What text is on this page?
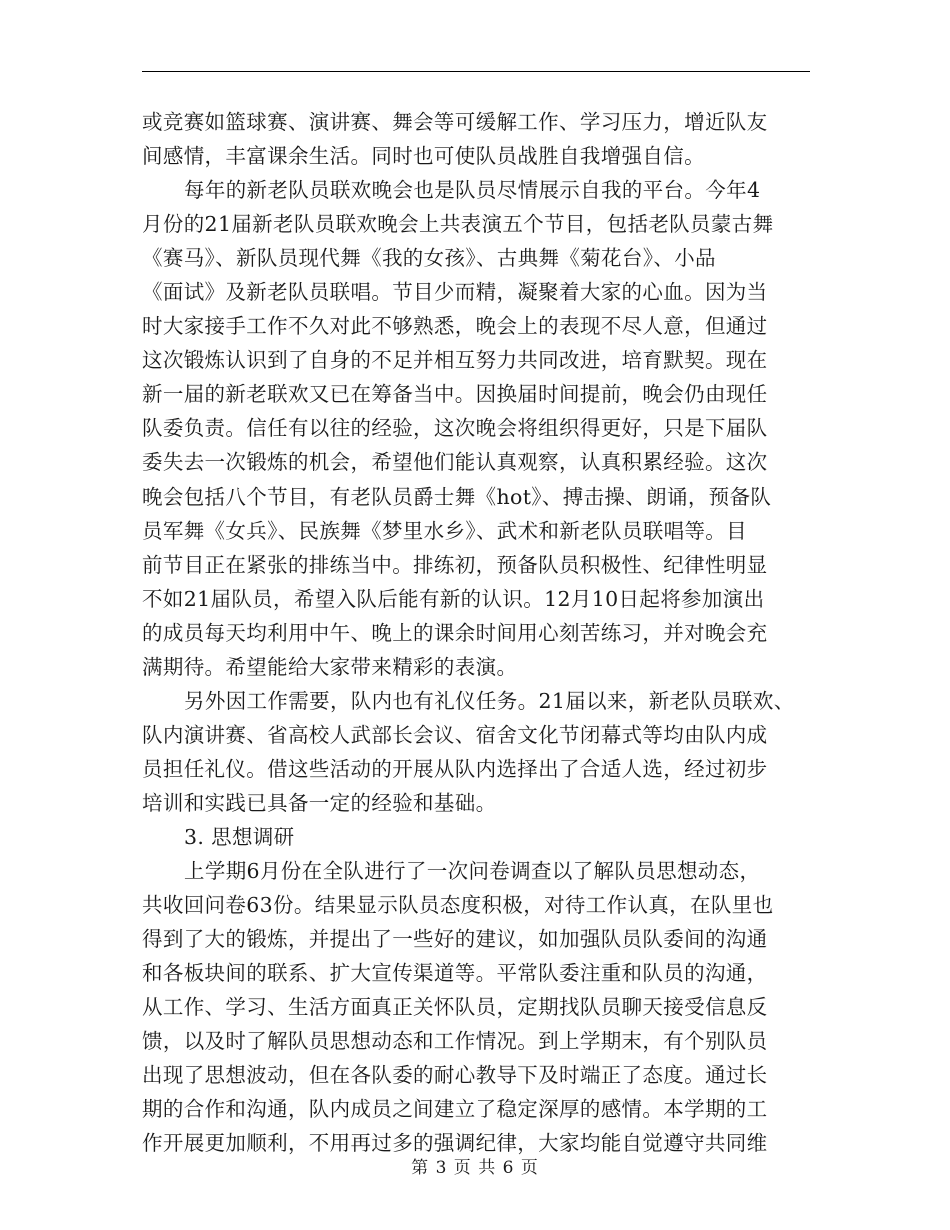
或竞赛如篮球赛、演讲赛、舞会等可缓解工作、学习压力，增近队友
间感情，丰富课余生活。同时也可使队员战胜自我增强自信。
每年的新老队员联欢晚会也是队员尽情展示自我的平台。今年4
月份的21届新老队员联欢晚会上共表演五个节目，包括老队员蒙古舞
《赛马》、新队员现代舞《我的女孩》、古典舞《菊花台》、小品
《面试》及新老队员联唱。节目少而精，凝聚着大家的心血。因为当
时大家接手工作不久对此不够熟悉，晚会上的表现不尽人意，但通过
这次锻炼认识到了自身的不足并相互努力共同改进，培育默契。现在
新一届的新老联欢又已在筹备当中。因换届时间提前，晚会仍由现任
队委负责。信任有以往的经验，这次晚会将组织得更好，只是下届队
委失去一次锻炼的机会，希望他们能认真观察，认真积累经验。这次
晚会包括八个节目，有老队员爵士舞《hot》、搏击操、朗诵，预备队
员军舞《女兵》、民族舞《梦里水乡》、武术和新老队员联唱等。目
前节目正在紧张的排练当中。排练初，预备队员积极性、纪律性明显
不如21届队员，希望入队后能有新的认识。12月10日起将参加演出
的成员每天均利用中午、晚上的课余时间用心刻苦练习，并对晚会充
满期待。希望能给大家带来精彩的表演。
另外因工作需要，队内也有礼仪任务。21届以来，新老队员联欢、
队内演讲赛、省高校人武部长会议、宿舍文化节闭幕式等均由队内成
员担任礼仪。借这些活动的开展从队内选择出了合适人选，经过初步
培训和实践已具备一定的经验和基础。
3. 思想调研
上学期6月份在全队进行了一次问卷调查以了解队员思想动态，
共收回问卷63份。结果显示队员态度积极，对待工作认真，在队里也
得到了大的锻炼，并提出了一些好的建议，如加强队员队委间的沟通
和各板块间的联系、扩大宣传渠道等。平常队委注重和队员的沟通，
从工作、学习、生活方面真正关怀队员，定期找队员聊天接受信息反
馈，以及时了解队员思想动态和工作情况。到上学期末，有个别队员
出现了思想波动，但在各队委的耐心教导下及时端正了态度。通过长
期的合作和沟通，队内成员之间建立了稳定深厚的感情。本学期的工
作开展更加顺利，不用再过多的强调纪律，大家均能自觉遵守共同维
第 3 页 共 6 页
